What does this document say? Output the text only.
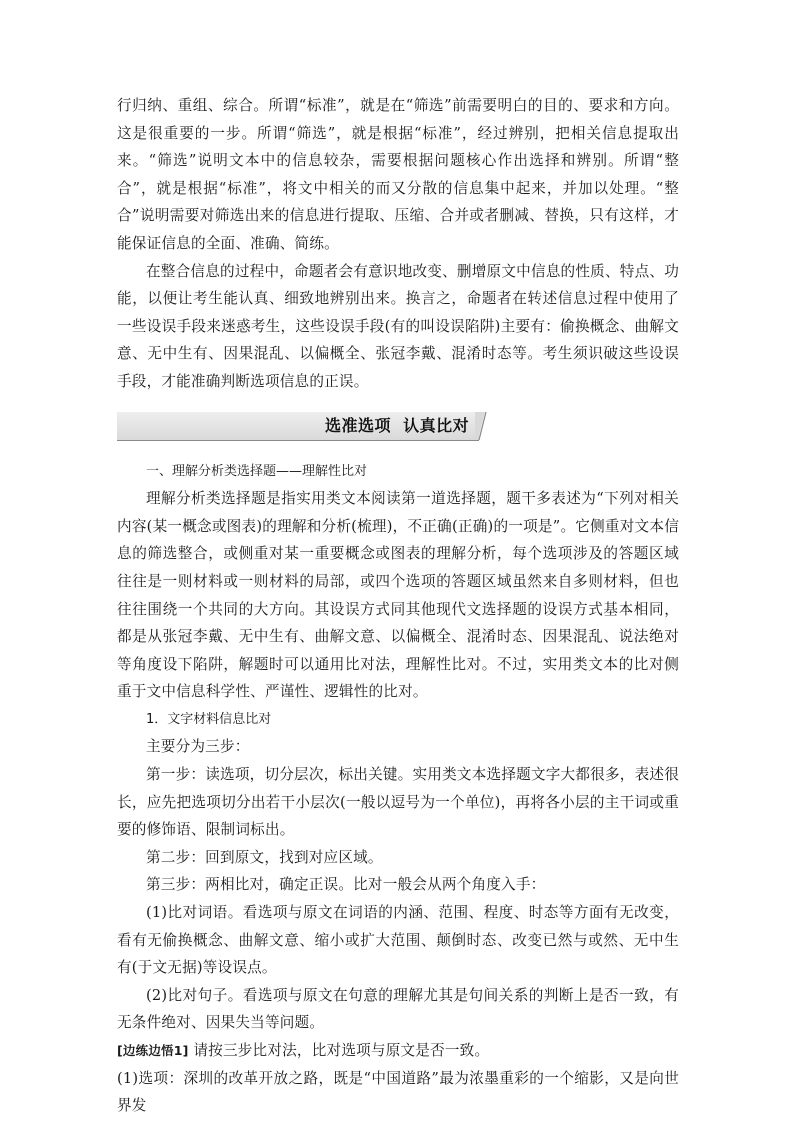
行归纳、重组、综合。所谓“标准”，就是在“筛选”前需要明白的目的、要求和方向。这是很重要的一步。所谓“筛选”，就是根据“标准”，经过辨别，把相关信息提取出来。“筛选”说明文本中的信息较杂，需要根据问题核心作出选择和辨别。所谓“整合”，就是根据“标准”，将文中相关的而又分散的信息集中起来，并加以处理。“整合”说明需要对筛选出来的信息进行提取、压缩、合并或者删减、替换，只有这样，才能保证信息的全面、准确、简练。

在整合信息的过程中，命题者会有意识地改变、删增原文中信息的性质、特点、功能，以便让考生能认真、细致地辨别出来。换言之，命题者在转述信息过程中使用了一些设误手段来迷惑考生，这些设误手段(有的叫设误陷阱)主要有：偷换概念、曲解文意、无中生有、因果混乱、以偏概全、张冠李戴、混淆时态等。考生须识破这些设误手段，才能准确判断选项信息的正误。

选准选项  认真比对

一、理解分析类选择题——理解性比对

理解分析类选择题是指实用类文本阅读第一道选择题，题干多表述为“下列对相关内容(某一概念或图表)的理解和分析(梳理)，不正确(正确)的一项是”。它侧重对文本信息的筛选整合，或侧重对某一重要概念或图表的理解分析，每个选项涉及的答题区域往往是一则材料或一则材料的局部，或四个选项的答题区域虽然来自多则材料，但也往往围绕一个共同的大方向。其设误方式同其他现代文选择题的设误方式基本相同，都是从张冠李戴、无中生有、曲解文意、以偏概全、混淆时态、因果混乱、说法绝对等角度设下陷阱，解题时可以通用比对法，理解性比对。不过，实用类文本的比对侧重于文中信息科学性、严谨性、逻辑性的比对。

1．文字材料信息比对

主要分为三步：

第一步：读选项，切分层次，标出关键。实用类文本选择题文字大都很多，表述很长，应先把选项切分出若干小层次(一般以逗号为一个单位)，再将各小层的主干词或重要的修饰语、限制词标出。

第二步：回到原文，找到对应区域。

第三步：两相比对，确定正误。比对一般会从两个角度入手：

(1)比对词语。看选项与原文在词语的内涵、范围、程度、时态等方面有无改变，看有无偷换概念、曲解文意、缩小或扩大范围、颠倒时态、改变已然与或然、无中生有(于文无据)等设误点。

(2)比对句子。看选项与原文在句意的理解尤其是句间关系的判断上是否一致，有无条件绝对、因果失当等问题。

[边练边悟1] 请按三步比对法，比对选项与原文是否一致。

(1)选项：深圳的改革开放之路，既是“中国道路”最为浓墨重彩的一个缩影，又是向世界发
